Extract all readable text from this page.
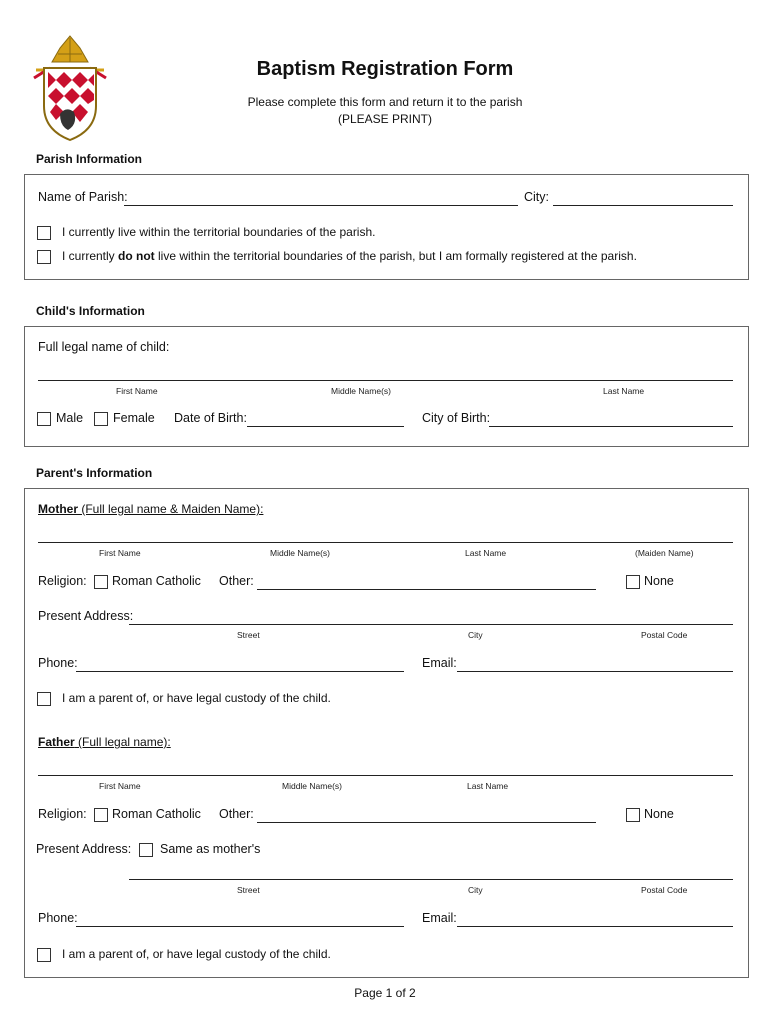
Baptism Registration Form
Please complete this form and return it to the parish
(PLEASE PRINT)
Parish Information
Name of Parish:	City:
I currently live within the territorial boundaries of the parish.
I currently do not live within the territorial boundaries of the parish, but I am formally registered at the parish.
Child's Information
Full legal name of child:
First Name	Middle Name(s)	Last Name
Male Female Date of Birth:	City of Birth:
Parent's Information
Mother (Full legal name & Maiden Name):
First Name	Middle Name(s)	Last Name	(Maiden Name)
Religion: Roman Catholic Other:	None
Present Address:
Street	City	Postal Code
Phone:	Email:
I am a parent of, or have legal custody of the child.
Father (Full legal name):
First Name	Middle Name(s)	Last Name
Religion: Roman Catholic Other:	None
Present Address: Same as mother's
Street	City	Postal Code
Phone:	Email:
I am a parent of, or have legal custody of the child.
Page 1 of 2
